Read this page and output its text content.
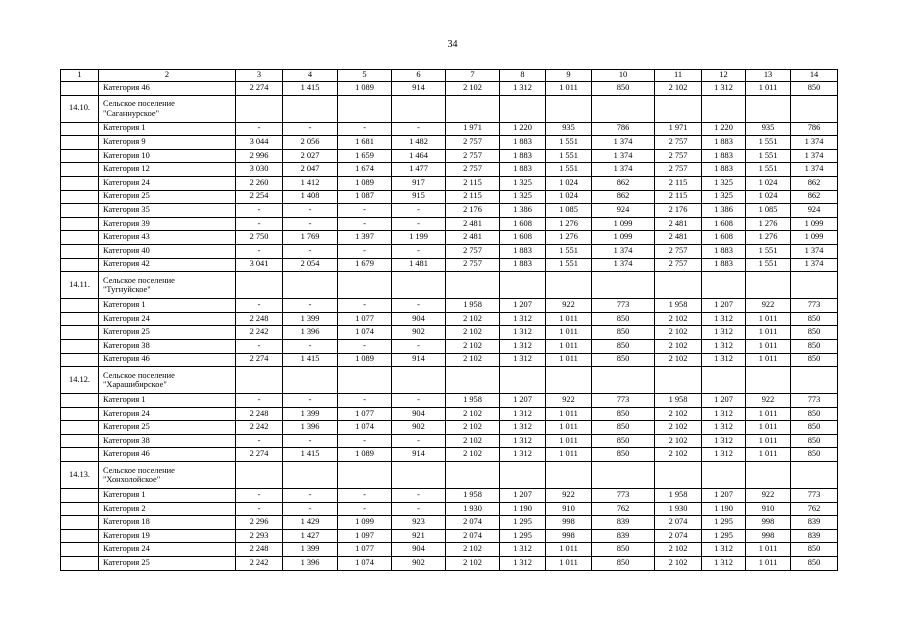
34
1	2	3	4	5	6	7	8	9	10	11	12	13	14
	Категория 46	2 274	1 415	1 089	914	2 102	1 312	1 011	850	2 102	1 312	1 011	850
14.10.	Сельское поселение
"Саганнурское"												

	Категория 1	-	-	-	-	1 971	1 220	935	786	1 971	1 220	935	786
	Категория 9	3 044	2 056	1 681	1 482	2 757	1 883	1 551	1 374	2 757	1 883	1 551	1 374
	Категория 10	2 996	2 027	1 659	1 464	2 757	1 883	1 551	1 374	2 757	1 883	1 551	1 374
	Категория 12	3 030	2 047	1 674	1 477	2 757	1 883	1 551	1 374	2 757	1 883	1 551	1 374
	Категория 24	2 260	1 412	1 089	917	2 115	1 325	1 024	862	2 115	1 325	1 024	862
	Категория 25	2 254	1 408	1 087	915	2 115	1 325	1 024	862	2 115	1 325	1 024	862
	Категория 35	-	-	-	-	2 176	1 386	1 085	924	2 176	1 386	1 085	924
	Категория 39	-	-	-	-	2 481	1 608	1 276	1 099	2 481	1 608	1 276	1 099
	Категория 43	2 750	1 769	1 397	1 199	2 481	1 608	1 276	1 099	2 481	1 608	1 276	1 099
	Категория 40	-	-	-	-	2 757	1 883	1 551	1 374	2 757	1 883	1 551	1 374
	Категория 42	3 041	2 054	1 679	1 481	2 757	1 883	1 551	1 374	2 757	1 883	1 551	1 374
14.11.	Сельское поселение
"Тугнуйское"												

	Категория 1	-	-	-	-	1 958	1 207	922	773	1 958	1 207	922	773
	Категория 24	2 248	1 399	1 077	904	2 102	1 312	1 011	850	2 102	1 312	1 011	850
	Категория 25	2 242	1 396	1 074	902	2 102	1 312	1 011	850	2 102	1 312	1 011	850
	Категория 38	-	-	-	-	2 102	1 312	1 011	850	2 102	1 312	1 011	850
	Категория 46	2 274	1 415	1 089	914	2 102	1 312	1 011	850	2 102	1 312	1 011	850
14.12.	Сельское поселение
"Харашибирское"												

	Категория 1	-	-	-	-	1 958	1 207	922	773	1 958	1 207	922	773
	Категория 24	2 248	1 399	1 077	904	2 102	1 312	1 011	850	2 102	1 312	1 011	850
	Категория 25	2 242	1 396	1 074	902	2 102	1 312	1 011	850	2 102	1 312	1 011	850
	Категория 38	-	-	-	-	2 102	1 312	1 011	850	2 102	1 312	1 011	850
	Категория 46	2 274	1 415	1 089	914	2 102	1 312	1 011	850	2 102	1 312	1 011	850
14.13.	Сельское поселение
"Хонхолойское"												

	Категория 1	-	-	-	-	1 958	1 207	922	773	1 958	1 207	922	773
	Категория 2	-	-	-	-	1 930	1 190	910	762	1 930	1 190	910	762
	Категория 18	2 296	1 429	1 099	923	2 074	1 295	998	839	2 074	1 295	998	839
	Категория 19	2 293	1 427	1 097	921	2 074	1 295	998	839	2 074	1 295	998	839
	Категория 24	2 248	1 399	1 077	904	2 102	1 312	1 011	850	2 102	1 312	1 011	850
	Категория 25	2 242	1 396	1 074	902	2 102	1 312	1 011	850	2 102	1 312	1 011	850
